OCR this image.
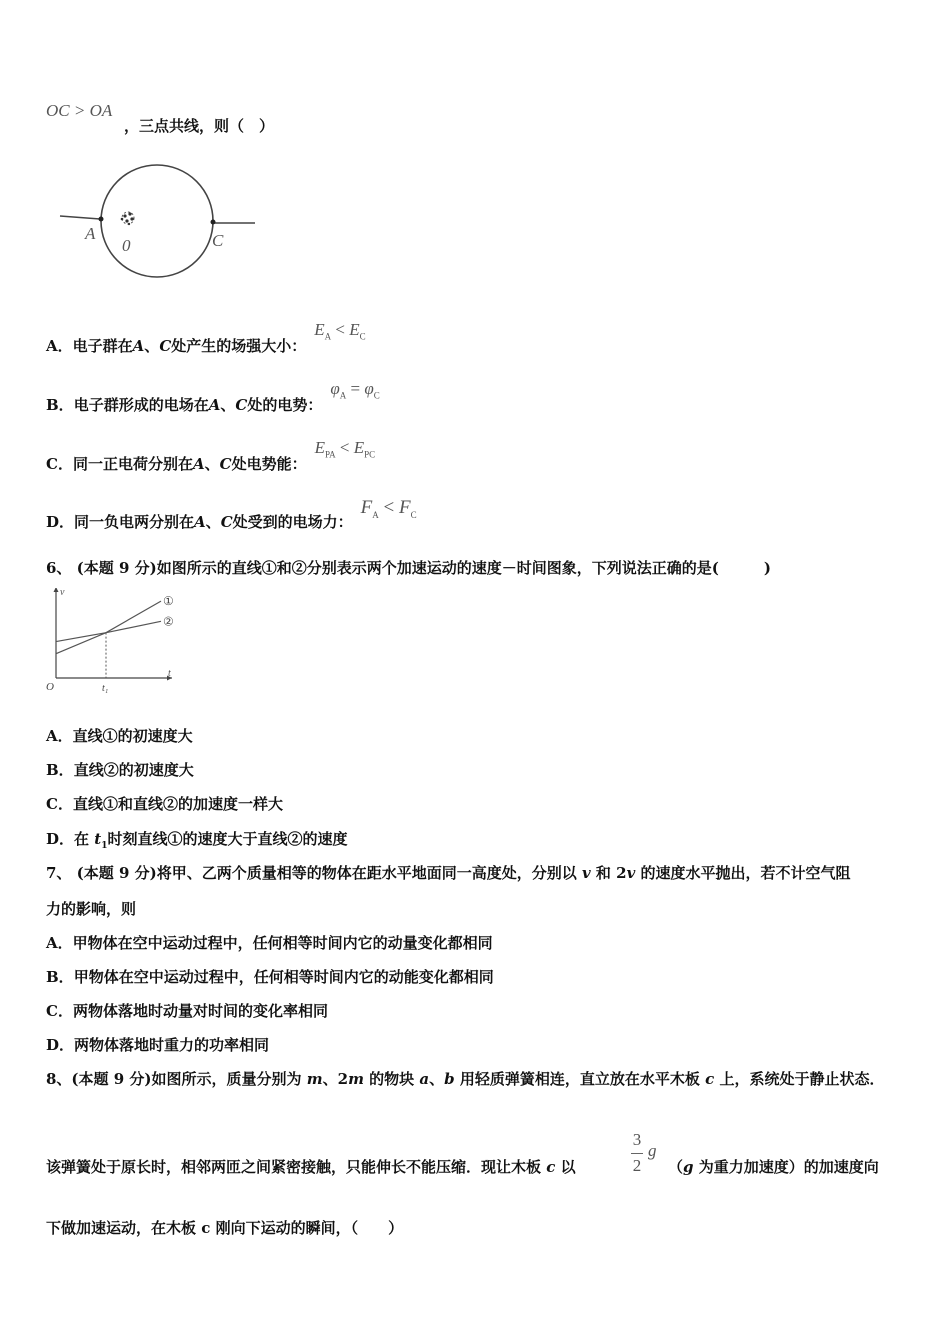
OC > OA
，三点共线，则（　）
A
0	C
A．电子群在A、C处产生的场强大小：
$E_A < E_C$
B．电子群形成的电场在A、C处的电势：
$\varphi_A = \varphi_C$
C．同一正电荷分别在A、C处电势能：
$E_{PA} < E_{PC}$
D．同一负电两分别在A、C处受到的电场力：
$F_A < F_C$
6、 (本题 9 分)如图所示的直线①和②分别表示两个加速运动的速度－时间图象，下列说法正确的是(　　　)
①
②
t
v
O	t₁
A．直线①的初速度大
B．直线②的初速度大
C．直线①和直线②的加速度一样大
D．在 $t_1$时刻直线①的速度大于直线②的速度
7、 (本题 9 分)将甲、乙两个质量相等的物体在距水平地面同一高度处，分别以 v 和 2v 的速度水平抛出，若不计空气阻
力的影响，则
A．甲物体在空中运动过程中，任何相等时间内它的动量变化都相同
B．甲物体在空中运动过程中，任何相等时间内它的动能变化都相同
C．两物体落地时动量对时间的变化率相同
D．两物体落地时重力的功率相同
8、(本题 9 分)如图所示，质量分别为 m、2m 的物块 a、b 用轻质弹簧相连，直立放在水平木板 c 上，系统处于静止状态．
该弹簧处于原长时，相邻两匝之间紧密接触，只能伸长不能压缩．现让木板 c 以
3
2
g
（g 为重力加速度）的加速度向
下做加速运动，在木板 c 刚向下运动的瞬间，（　　）
